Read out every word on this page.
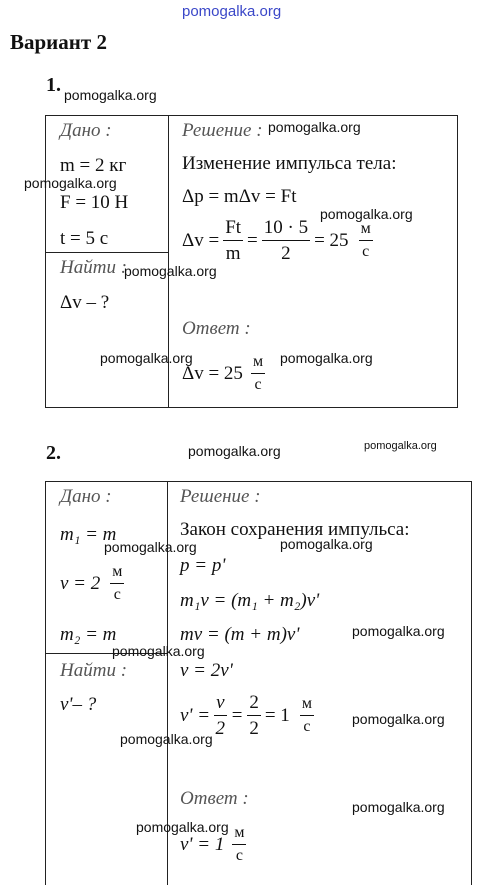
pomogalka.org
Вариант 2
1.
Дано :
m = 2 кг
F = 10 Н
t = 5 с
Найти :
Δv – ?
Решение :
Изменение импульса тела:
Δp = mΔv = Ft
$\Delta v = \frac{Ft}{m} = \frac{10 \cdot 5}{2} = 25 \frac{м}{с}$
Ответ :
$\Delta v = 25 \frac{м}{с}$
pomogalka.org
pomogalka.org
pomogalka.org
pomogalka.org
pomogalka.org
pomogalka.org	pomogalka.org
2.
Дано :
m₁ = m
$v = 2 \frac{м}{с}$
m₂ = m
Найти :
v'– ?
Решение :
Закон сохранения импульса:
p = p'
m₁v = (m₁ + m₂)v'
mv = (m + m)v'
v = 2v'
$v' = \frac{v}{2} = \frac{2}{2} = 1 \frac{м}{с}$
Ответ :
$v' = 1 \frac{м}{с}$
pomogalka.org	pomogalka.org
pomogalka.org	pomogalka.org
pomogalka.org
pomogalka.org
pomogalka.org
pomogalka.org
pomogalka.org
pomogalka.org
